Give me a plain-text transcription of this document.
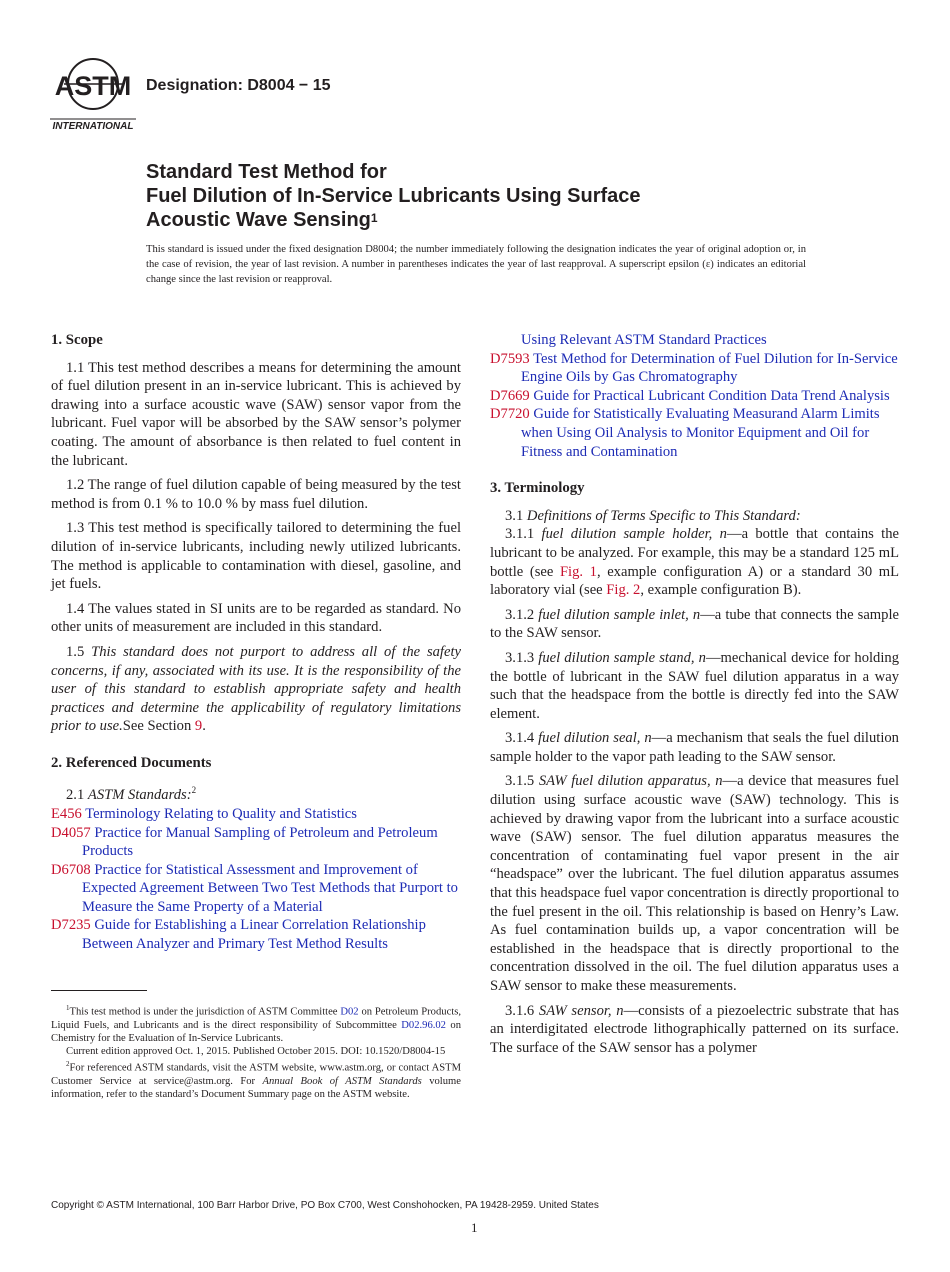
ASTM
INTERNATIONAL
Designation: D8004 − 15
Standard Test Method for
Fuel Dilution of In-Service Lubricants Using Surface
Acoustic Wave Sensing$^1$
This standard is issued under the fixed designation D8004; the number immediately following the designation indicates the year of original adoption or, in the case of revision, the year of last revision. A number in parentheses indicates the year of last reapproval. A superscript epsilon (ε) indicates an editorial change since the last revision or reapproval.
1. Scope
1.1 This test method describes a means for determining the amount of fuel dilution present in an in-service lubricant. This is achieved by drawing into a surface acoustic wave (SAW) sensor vapor from the lubricant. Fuel vapor will be absorbed by the SAW sensor’s polymer coating. The amount of absorbance is then related to fuel content in the lubricant.
1.2 The range of fuel dilution capable of being measured by the test method is from 0.1 % to 10.0 % by mass fuel dilution.
1.3 This test method is specifically tailored to determining the fuel dilution of in-service lubricants, including newly utilized lubricants. The method is applicable to contamination with diesel, gasoline, and jet fuels.
1.4 The values stated in SI units are to be regarded as standard. No other units of measurement are included in this standard.
1.5 This standard does not purport to address all of the safety concerns, if any, associated with its use. It is the responsibility of the user of this standard to establish appropriate safety and health practices and determine the applicability of regulatory limitations prior to use.See Section 9.
2. Referenced Documents
2.1 ASTM Standards:$^2$
E456 Terminology Relating to Quality and Statistics
D4057 Practice for Manual Sampling of Petroleum and Petroleum Products
D6708 Practice for Statistical Assessment and Improvement of Expected Agreement Between Two Test Methods that Purport to Measure the Same Property of a Material
D7235 Guide for Establishing a Linear Correlation Relationship Between Analyzer and Primary Test Method Results
Using Relevant ASTM Standard Practices
D7593 Test Method for Determination of Fuel Dilution for In-Service Engine Oils by Gas Chromatography
D7669 Guide for Practical Lubricant Condition Data Trend Analysis
D7720 Guide for Statistically Evaluating Measurand Alarm Limits when Using Oil Analysis to Monitor Equipment and Oil for Fitness and Contamination
3. Terminology
3.1 Definitions of Terms Specific to This Standard:
3.1.1 fuel dilution sample holder, n—a bottle that contains the lubricant to be analyzed. For example, this may be a standard 125 mL bottle (see Fig. 1, example configuration A) or a standard 30 mL laboratory vial (see Fig. 2, example configuration B).
3.1.2 fuel dilution sample inlet, n—a tube that connects the sample to the SAW sensor.
3.1.3 fuel dilution sample stand, n—mechanical device for holding the bottle of lubricant in the SAW fuel dilution apparatus in a way such that the headspace from the bottle is directly fed into the SAW element.
3.1.4 fuel dilution seal, n—a mechanism that seals the fuel dilution sample holder to the vapor path leading to the SAW sensor.
3.1.5 SAW fuel dilution apparatus, n—a device that measures fuel dilution using surface acoustic wave (SAW) technology. This is achieved by drawing vapor from the lubricant into a surface acoustic wave (SAW) sensor. The fuel dilution apparatus measures the concentration of contaminating fuel vapor present in the air “headspace” over the lubricant. The fuel dilution apparatus assumes that this headspace fuel vapor concentration is directly proportional to the fuel present in the oil. This relationship is based on Henry’s Law. As fuel contamination builds up, a vapor concentration will be established in the headspace that is directly proportional to the concentration dissolved in the oil. The fuel dilution apparatus uses a SAW sensor to make these measurements.
3.1.6 SAW sensor, n—consists of a piezoelectric substrate that has an interdigitated electrode lithographically patterned on its surface. The surface of the SAW sensor has a polymer
$^1$This test method is under the jurisdiction of ASTM Committee D02 on Petroleum Products, Liquid Fuels, and Lubricants and is the direct responsibility of Subcommittee D02.96.02 on Chemistry for the Evaluation of In-Service Lubricants.
Current edition approved Oct. 1, 2015. Published October 2015. DOI: 10.1520/D8004-15
$^2$For referenced ASTM standards, visit the ASTM website, www.astm.org, or contact ASTM Customer Service at service@astm.org. For Annual Book of ASTM Standards volume information, refer to the standard’s Document Summary page on the ASTM website.
Copyright © ASTM International, 100 Barr Harbor Drive, PO Box C700, West Conshohocken, PA 19428-2959. United States
1
